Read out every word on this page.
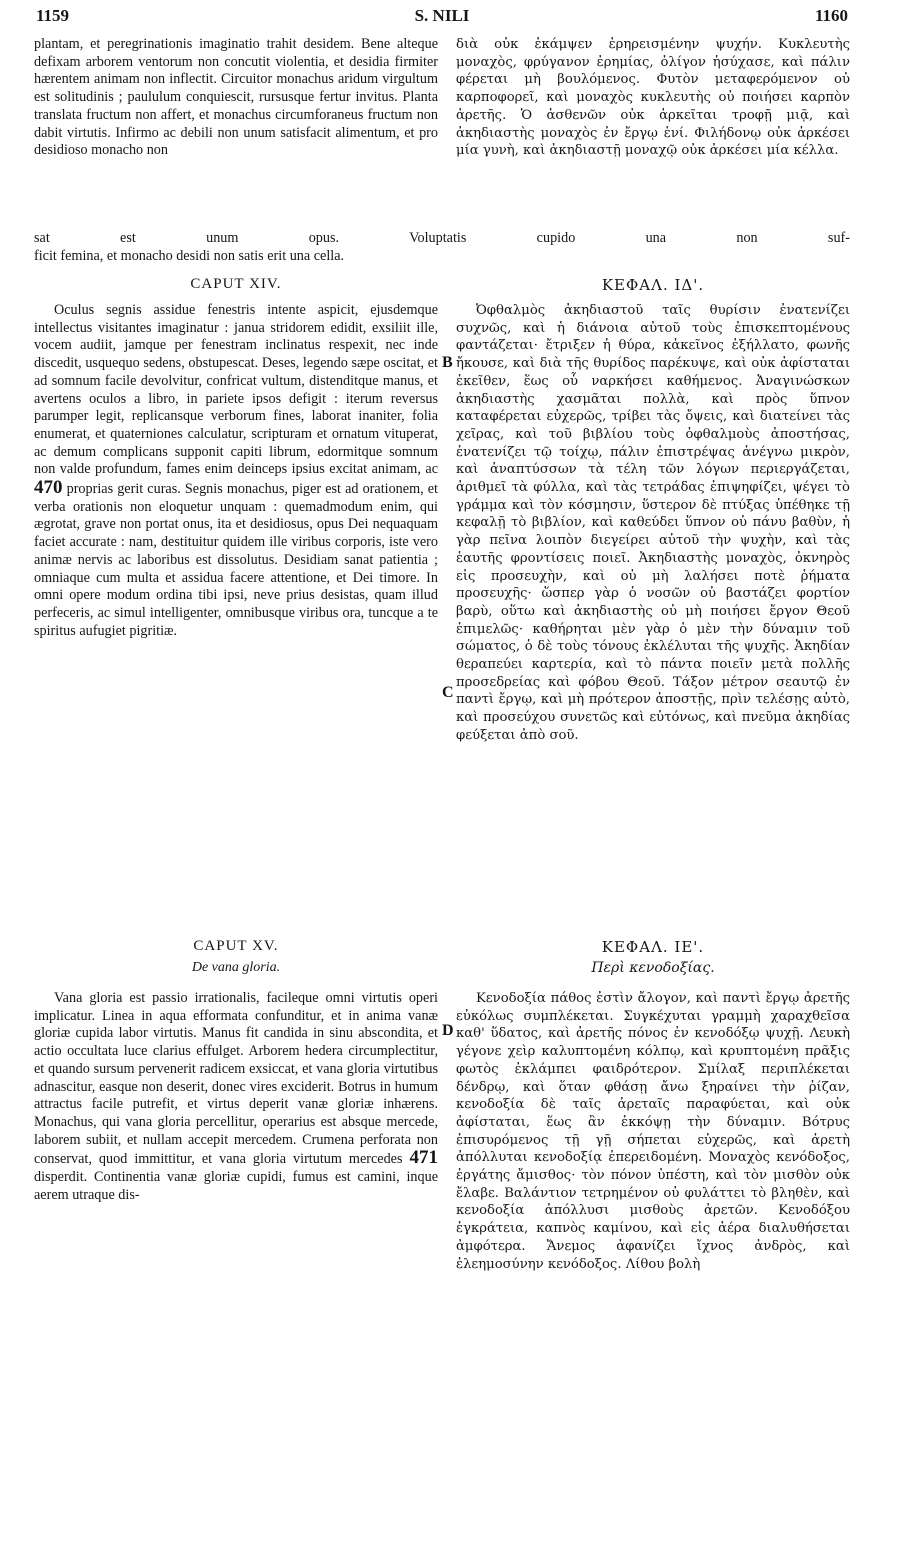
1159	S. NILI	1160

plantam, et peregrinationis imaginatio trahit desidem. Bene alteque defixam arborem ventorum non concutit violentia, et desidia firmiter hærentem animam non inflectit. Circuitor monachus aridum virgultum est solitudinis ; paululum conquiescit, rursusque fertur invitus. Planta translata fructum non affert, et monachus circumforaneus fructum non dabit virtutis. Infirmo ac debili non unum satisfacit alimentum, et pro desidioso monacho non

διὰ οὐκ ἐκάμψεν ἐρηρεισμένην ψυχήν. Κυκλευτὴς μοναχὸς, φρύγανον ἐρημίας, ὀλίγον ἡσύχασε, καὶ πάλιν φέρεται μὴ βουλόμενος. Φυτὸν μεταφερόμενον οὐ καρποφορεῖ, καὶ μοναχὸς κυκλευτὴς οὐ ποιήσει καρπὸν ἀρετῆς. Ὁ ἀσθενῶν οὐκ ἀρκεῖται τροφῇ μιᾷ, καὶ ἀκηδιαστὴς μοναχὸς ἐν ἔργῳ ἑνί. Φιλήδονῳ οὐκ ἀρκέσει μία γυνὴ, καὶ ἀκηδιαστῇ μοναχῷ οὐκ ἀρκέσει μία κέλλα.

sat est unum opus. Voluptatis cupido una non suf-
ficit femina, et monacho desidi non satis erit una cella.
CAPUT XIV.	ΚΕΦΑΛ. ΙΔ'.

Oculus segnis assidue fenestris intente aspicit, ejusdemque intellectus visitantes imaginatur : janua stridorem edidit, exsiliit ille, vocem audiit, jamque per fenestram inclinatus respexit, nec inde discedit, usquequo sedens, obstupescat. Deses, legendo sæpe oscitat, et ad somnum facile devolvitur, confricat vultum, distenditque manus, et avertens oculos a libro, in pariete ipsos defigit : iterum reversus parumper legit, replicansque verborum fines, laborat inaniter, folia enumerat, et quaterniones calculatur, scripturam et ornatum vituperat, ac demum complicans supponit capiti librum, edormitque somnum non valde profundum, fames enim deinceps ipsius excitat animam, ac 470 proprias gerit curas. Segnis monachus, piger est ad orationem, et verba orationis non eloquetur unquam : quemadmodum enim, qui ægrotat, grave non portat onus, ita et desidiosus, opus Dei nequaquam faciet accurate : nam, destituitur quidem ille viribus corporis, iste vero animæ nervis ac laboribus est dissolutus. Desidiam sanat patientia ; omniaque cum multa et assidua facere attentione, et Dei timore. In omni opere modum ordina tibi ipsi, neve prius desistas, quam illud perfeceris, ac simul intelligenter, omnibusque viribus ora, tuncque a te spiritus aufugiet pigritiæ.

Ὀφθαλμὸς ἀκηδιαστοῦ ταῖς θυρίσιν ἐνατενίζει συχνῶς, καὶ ἡ διάνοια αὐτοῦ τοὺς ἐπισκεπτομένους φαντάζεται· ἔτριξεν ἡ θύρα, κἀκεῖνος ἐξήλλατο, φωνῆς ἤκουσε, καὶ διὰ τῆς θυρίδος παρέκυψε, καὶ οὐκ ἀφίσταται ἐκεῖθεν, ἕως οὗ ναρκήσει καθήμενος. Ἀναγινώσκων ἀκηδιαστὴς χασμᾶται πολλὰ, καὶ πρὸς ὕπνον καταφέρεται εὐχερῶς, τρίβει τὰς ὄψεις, καὶ διατείνει τὰς χεῖρας, καὶ τοῦ βιβλίου τοὺς ὀφθαλμοὺς ἀποστήσας, ἐνατενίζει τῷ τοίχῳ, πάλιν ἐπιστρέψας ἀνέγνω μικρὸν, καὶ ἀναπτύσσων τὰ τέλη τῶν λόγων περιεργάζεται, ἀριθμεῖ τὰ φύλλα, καὶ τὰς τετράδας ἐπιψηφίζει, ψέγει τὸ γράμμα καὶ τὸν κόσμησιν, ὕστερον δὲ πτύξας ὑπέθηκε τῇ κεφαλῇ τὸ βιβλίον, καὶ καθεύδει ὕπνον οὐ πάνυ βαθὺν, ἡ γὰρ πεῖνα λοιπὸν διεγείρει αὐτοῦ τὴν ψυχὴν, καὶ τὰς ἑαυτῆς φροντίσεις ποιεῖ. Ἀκηδιαστὴς μοναχὸς, ὀκνηρὸς εἰς προσευχὴν, καὶ οὐ μὴ λαλήσει ποτὲ ῥήματα προσευχῆς· ὥσπερ γὰρ ὁ νοσῶν οὐ βαστάζει φορτίον βαρὺ, οὕτω καὶ ἀκηδιαστὴς οὐ μὴ ποιήσει ἔργον Θεοῦ ἐπιμελῶς· καθήρηται μὲν γὰρ ὁ μὲν τὴν δύναμιν τοῦ σώματος, ὁ δὲ τοὺς τόνους ἐκλέλυται τῆς ψυχῆς. Ἀκηδίαν θεραπεύει καρτερία, καὶ τὸ πάντα ποιεῖν μετὰ πολλῆς προσεδρείας καὶ φόβου Θεοῦ. Τάξον μέτρον σεαυτῷ ἐν παντὶ ἔργῳ, καὶ μὴ πρότερον ἀποστῇς, πρὶν τελέσῃς αὐτὸ, καὶ προσεύχου συνετῶς καὶ εὐτόνως, καὶ πνεῦμα ἀκηδίας φεύξεται ἀπὸ σοῦ.

CAPUT XV.
De vana gloria.
ΚΕΦΑΛ. ΙΕ'.
Περὶ κενοδοξίας.

Vana gloria est passio irrationalis, facileque omni virtutis operi implicatur. Linea in aqua efformata confunditur, et in anima vanæ gloriæ cupida labor virtutis. Manus fit candida in sinu abscondita, et actio occultata luce clarius effulget. Arborem hedera circumplectitur, et quando sursum pervenerit radicem exsiccat, et vana gloria virtutibus adnascitur, easque non deserit, donec vires exciderit. Botrus in humum attractus facile putrefit, et virtus deperit vanæ gloriæ inhærens. Monachus, qui vana gloria percellitur, operarius est absque mercede, laborem subiit, et nullam accepit mercedem. Crumena perforata non conservat, quod immittitur, et vana gloria virtutum mercedes 471 disperdit. Continentia vanæ gloriæ cupidi, fumus est camini, inque aerem utraque dis-

Κενοδοξία πάθος ἐστὶν ἄλογον, καὶ παντὶ ἔργῳ ἀρετῆς εὐκόλως συμπλέκεται. Συγκέχυται γραμμὴ χαραχθεῖσα καθ' ὕδατος, καὶ ἀρετῆς πόνος ἐν κενοδόξῳ ψυχῇ. Λευκὴ γέγονε χεὶρ καλυπτομένη κόλπῳ, καὶ κρυπτομένη πρᾶξις φωτὸς ἐκλάμπει φαιδρότερον. Σμίλαξ περιπλέκεται δένδρῳ, καὶ ὅταν φθάσῃ ἄνω ξηραίνει τὴν ῥίζαν, κενοδοξία δὲ ταῖς ἀρεταῖς παραφύεται, καὶ οὐκ ἀφίσταται, ἕως ἂν ἐκκόψῃ τὴν δύναμιν. Βότρυς ἐπισυρόμενος τῇ γῇ σήπεται εὐχερῶς, καὶ ἀρετὴ ἀπόλλυται κενοδοξίᾳ ἐπερειδομένη. Μοναχὸς κενόδοξος, ἐργάτης ἄμισθος· τὸν πόνον ὑπέστη, καὶ τὸν μισθὸν οὐκ ἔλαβε. Βαλάντιον τετρημένον οὐ φυλάττει τὸ βληθὲν, καὶ κενοδοξία ἀπόλλυσι μισθοὺς ἀρετῶν. Κενοδόξου ἐγκράτεια, καπνὸς καμίνου, καὶ εἰς ἀέρα διαλυθήσεται ἀμφότερα. Ἄνεμος ἀφανίζει ἴχνος ἀνδρὸς, καὶ ἐλεημοσύνην κενόδοξος. Λίθου βολὴ

B
C
D
